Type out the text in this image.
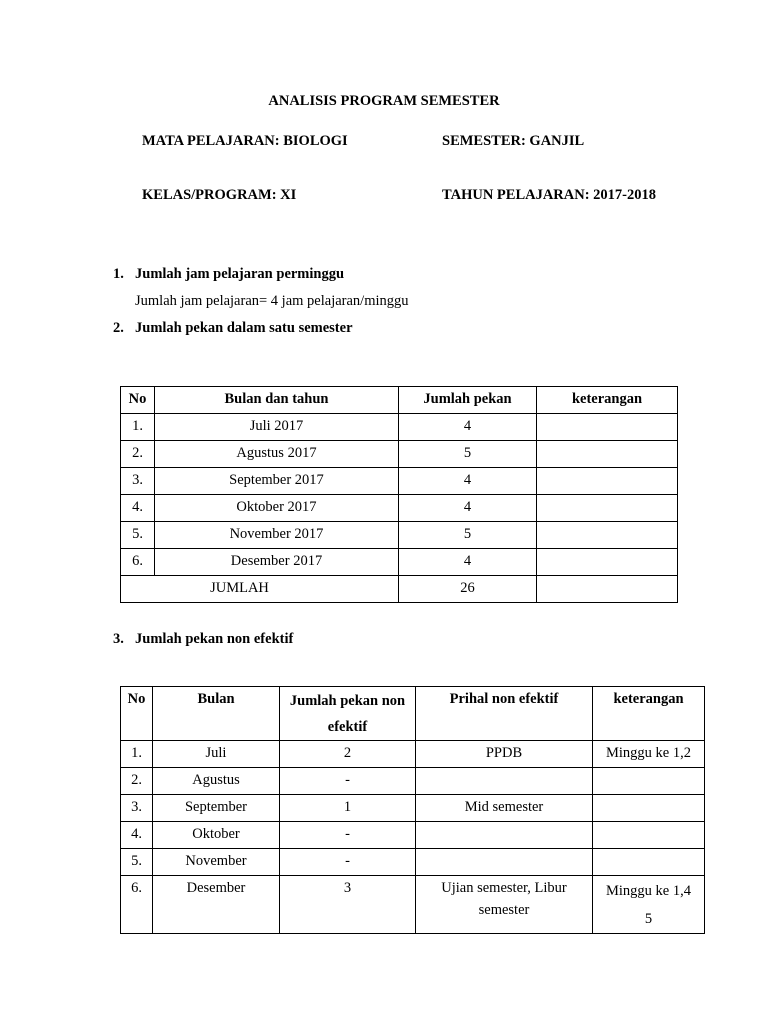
ANALISIS PROGRAM SEMESTER
MATA PELAJARAN: BIOLOGI	SEMESTER: GANJIL
KELAS/PROGRAM: XI	TAHUN PELAJARAN: 2017-2018
1. Jumlah jam pelajaran perminggu
Jumlah jam pelajaran= 4 jam pelajaran/minggu
2. Jumlah pekan dalam satu semester
No	Bulan dan tahun	Jumlah pekan	keterangan
1.	Juli 2017	4	
2.	Agustus 2017	5	
3.	September 2017	4	
4.	Oktober 2017	4	
5.	November 2017	5	
6.	Desember 2017	4	
JUMLAH		26	
3. Jumlah pekan non efektif
No	Bulan	Jumlah pekan non efektif	Prihal non efektif	keterangan
1.	Juli	2	PPDB	Minggu ke 1,2
2.	Agustus	-		
3.	September	1	Mid semester	
4.	Oktober	-		
5.	November	-		
6.	Desember	3	Ujian semester, Libur semester	Minggu ke 1,4 5
